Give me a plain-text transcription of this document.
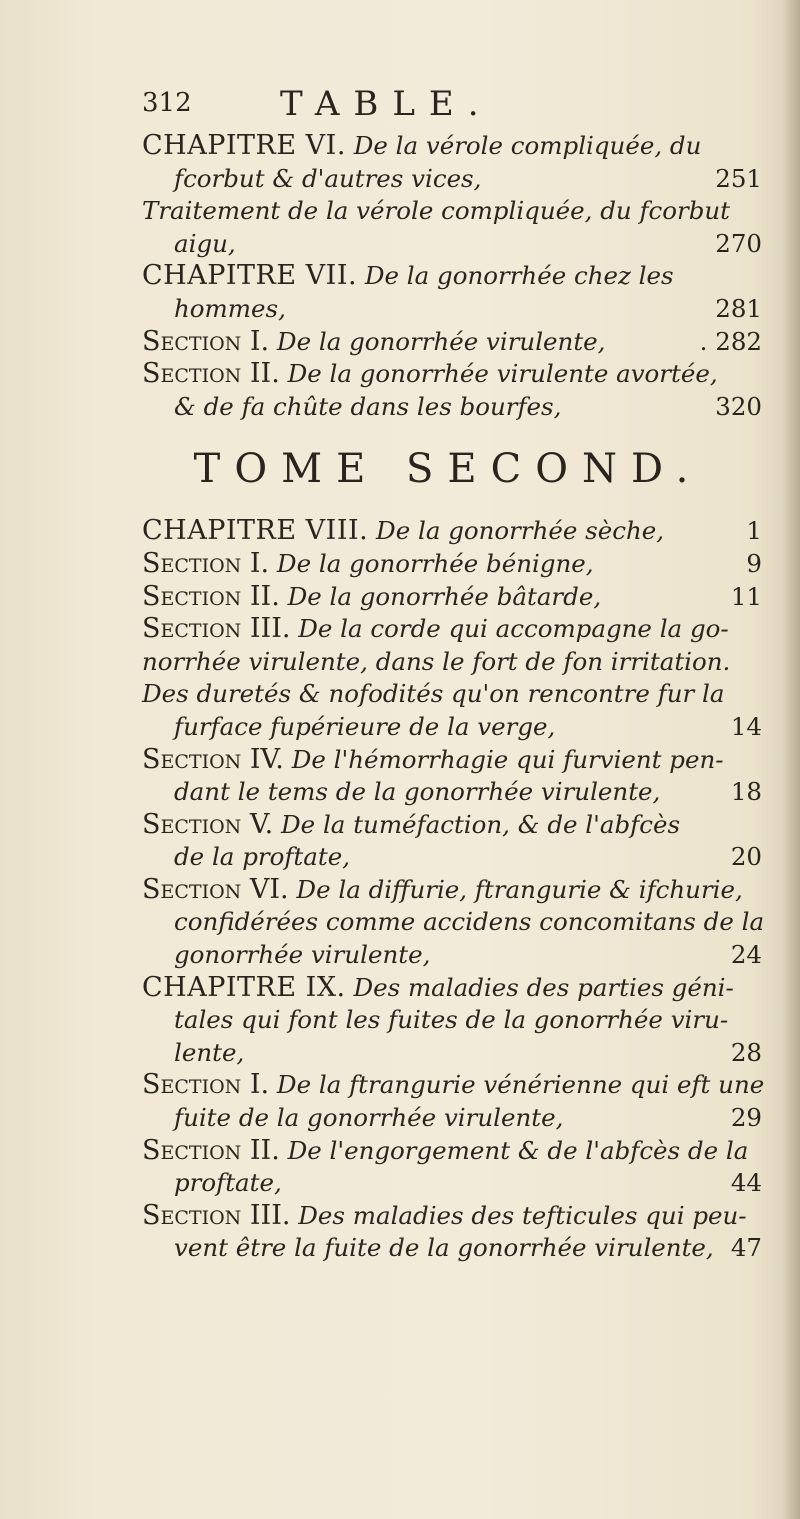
312	TABLE.
CHAPITRE VI. De la vérole compliquée, du
fcorbut & d'autres vices,	251
Traitement de la vérole compliquée, du fcorbut
aigu,	270
CHAPITRE VII. De la gonorrhée chez les
hommes,	281
Section I. De la gonorrhée virulente,	. 282
Section II. De la gonorrhée virulente avortée,
& de fa chûte dans les bourfes,	320
TOME SECOND.
CHAPITRE VIII. De la gonorrhée sèche,	1
Section I. De la gonorrhée bénigne,	9
Section II. De la gonorrhée bâtarde,	11
Section III. De la corde qui accompagne la go-
norrhée virulente, dans le fort de fon irritation.
Des duretés & nofodités qu'on rencontre fur la
furface fupérieure de la verge,	14
Section IV. De l'hémorrhagie qui furvient pen-
dant le tems de la gonorrhée virulente,	18
Section V. De la tuméfaction, & de l'abfcès
de la proftate,	20
Section VI. De la diffurie, ftrangurie & ifchurie,
confidérées comme accidens concomitans de la
gonorrhée virulente,	24
CHAPITRE IX. Des maladies des parties géni-
tales qui font les fuites de la gonorrhée viru-
lente,	28
Section I. De la ftrangurie vénérienne qui eft une
fuite de la gonorrhée virulente,	29
Section II. De l'engorgement & de l'abfcès de la
proftate,	44
Section III. Des maladies des tefticules qui peu-
vent être la fuite de la gonorrhée virulente, 47
